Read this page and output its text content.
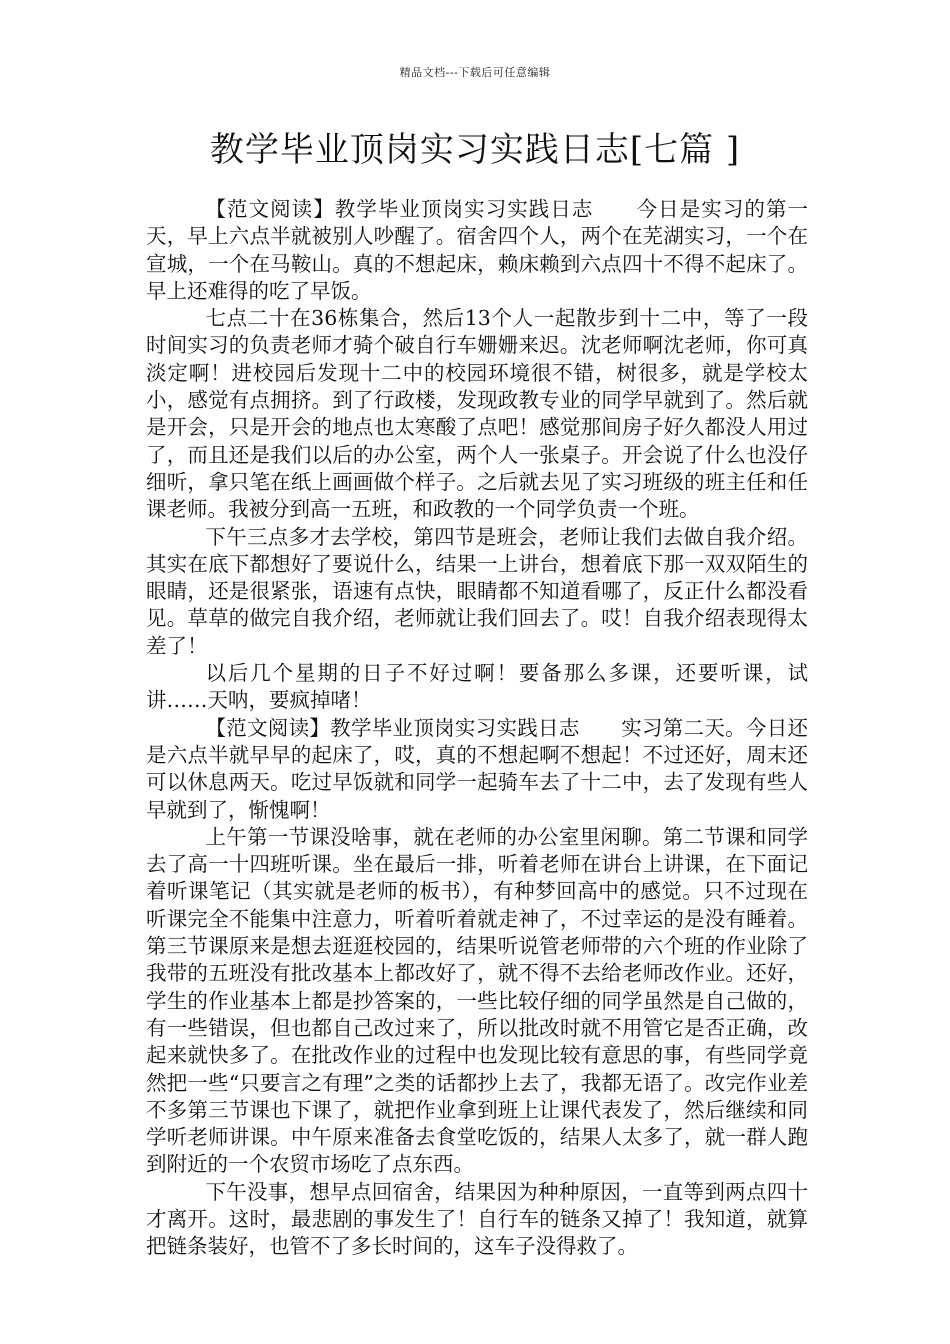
精品文档---下载后可任意编辑
教学毕业顶岗实习实践日志[七篇 ]

【范文阅读】教学毕业顶岗实习实践日志　　今日是实习的第一天，早上六点半就被别人吵醒了。宿舍四个人，两个在芜湖实习，一个在宣城，一个在马鞍山。真的不想起床，赖床赖到六点四十不得不起床了。早上还难得的吃了早饭。

七点二十在36栋集合，然后13个人一起散步到十二中，等了一段时间实习的负责老师才骑个破自行车姗姗来迟。沈老师啊沈老师，你可真淡定啊！进校园后发现十二中的校园环境很不错，树很多，就是学校太小，感觉有点拥挤。到了行政楼，发现政教专业的同学早就到了。然后就是开会，只是开会的地点也太寒酸了点吧！感觉那间房子好久都没人用过了，而且还是我们以后的办公室，两个人一张桌子。开会说了什么也没仔细听，拿只笔在纸上画画做个样子。之后就去见了实习班级的班主任和任课老师。我被分到高一五班，和政教的一个同学负责一个班。

下午三点多才去学校，第四节是班会，老师让我们去做自我介绍。其实在底下都想好了要说什么，结果一上讲台，想着底下那一双双陌生的眼睛，还是很紧张，语速有点快，眼睛都不知道看哪了，反正什么都没看见。草草的做完自我介绍，老师就让我们回去了。哎！自我介绍表现得太差了！

以后几个星期的日子不好过啊！要备那么多课，还要听课，试讲……天呐，要疯掉啫！

【范文阅读】教学毕业顶岗实习实践日志　　实习第二天。今日还是六点半就早早的起床了，哎，真的不想起啊不想起！不过还好，周末还可以休息两天。吃过早饭就和同学一起骑车去了十二中，去了发现有些人早就到了，惭愧啊！

上午第一节课没啥事，就在老师的办公室里闲聊。第二节课和同学去了高一十四班听课。坐在最后一排，听着老师在讲台上讲课，在下面记着听课笔记（其实就是老师的板书），有种梦回高中的感觉。只不过现在听课完全不能集中注意力，听着听着就走神了，不过幸运的是没有睡着。第三节课原来是想去逛逛校园的，结果听说管老师带的六个班的作业除了我带的五班没有批改基本上都改好了，就不得不去给老师改作业。还好，学生的作业基本上都是抄答案的，一些比较仔细的同学虽然是自己做的，有一些错误，但也都自己改过来了，所以批改时就不用管它是否正确，改起来就快多了。在批改作业的过程中也发现比较有意思的事，有些同学竟然把一些“只要言之有理”之类的话都抄上去了，我都无语了。改完作业差不多第三节课也下课了，就把作业拿到班上让课代表发了，然后继续和同学听老师讲课。中午原来准备去食堂吃饭的，结果人太多了，就一群人跑到附近的一个农贸市场吃了点东西。

下午没事，想早点回宿舍，结果因为种种原因，一直等到两点四十才离开。这时，最悲剧的事发生了！自行车的链条又掉了！我知道，就算把链条装好，也管不了多长时间的，这车子没得救了。
